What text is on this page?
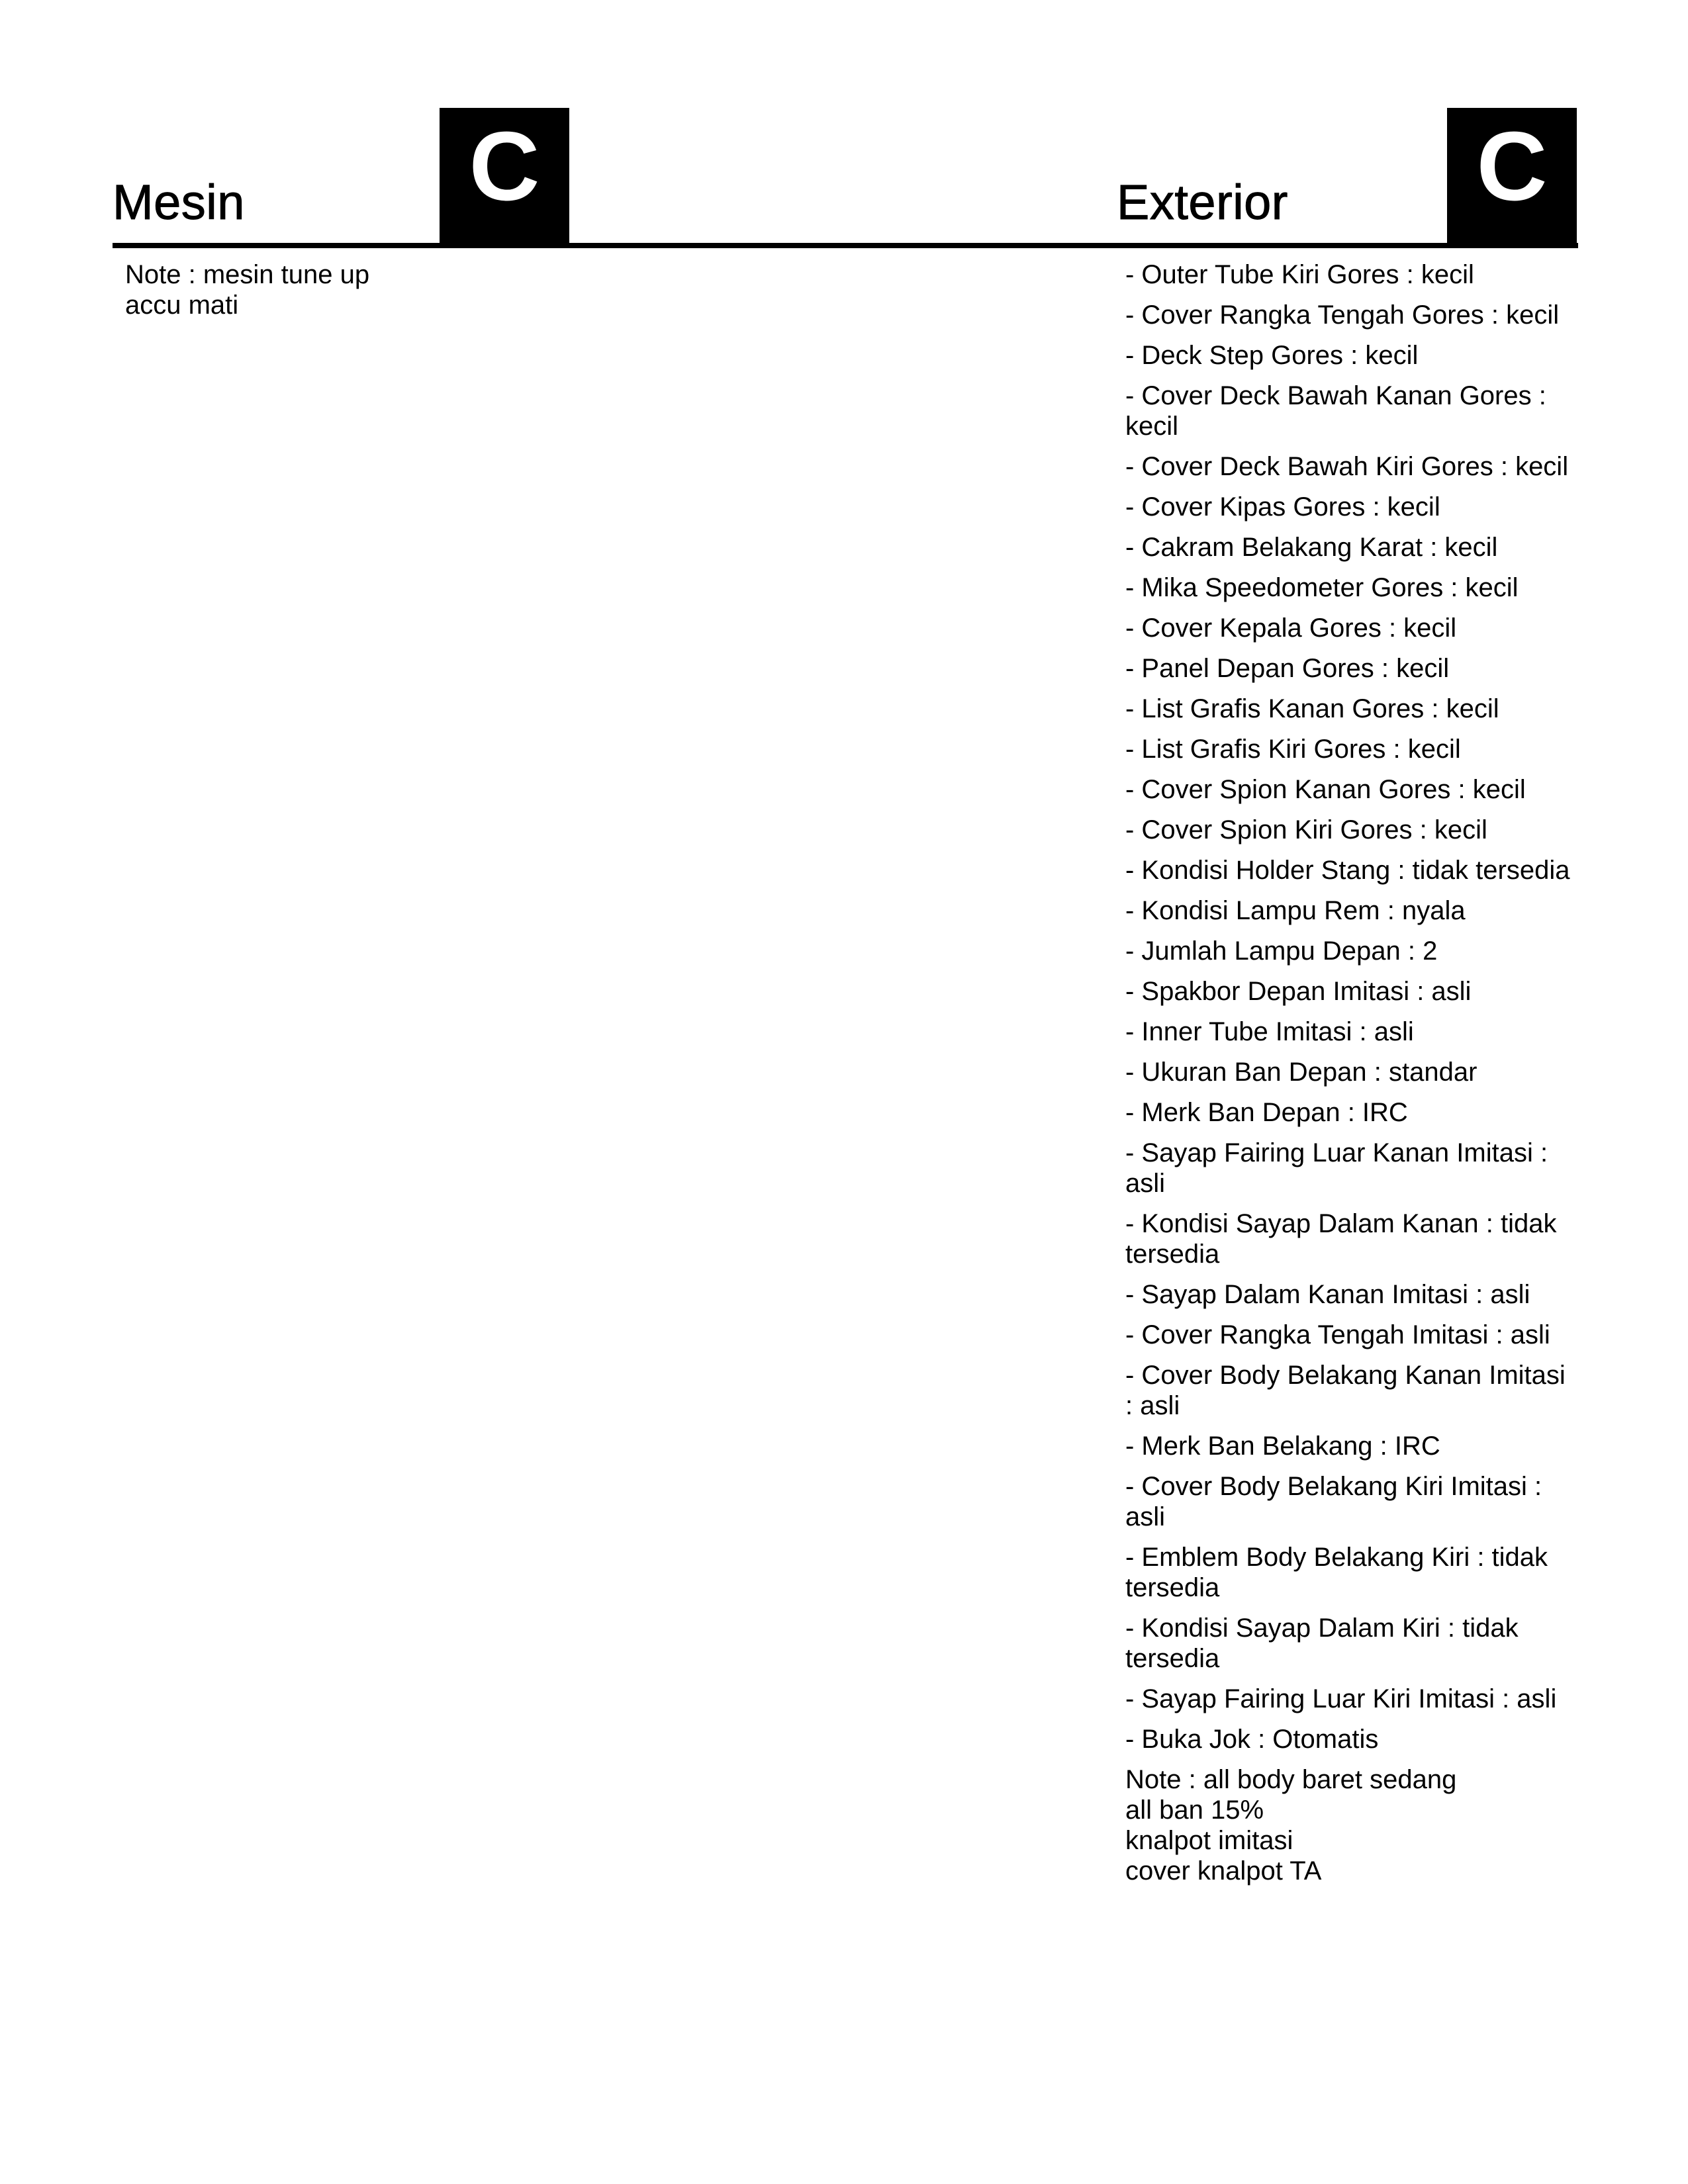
Mesin	C	Exterior	C
Note : mesin tune up
accu mati
- Outer Tube Kiri Gores : kecil
- Cover Rangka Tengah Gores : kecil
- Deck Step Gores : kecil
- Cover Deck Bawah Kanan Gores : kecil
- Cover Deck Bawah Kiri Gores : kecil
- Cover Kipas Gores : kecil
- Cakram Belakang Karat : kecil
- Mika Speedometer Gores : kecil
- Cover Kepala Gores : kecil
- Panel Depan Gores : kecil
- List Grafis Kanan Gores : kecil
- List Grafis Kiri Gores : kecil
- Cover Spion Kanan Gores : kecil
- Cover Spion Kiri Gores : kecil
- Kondisi Holder Stang : tidak tersedia
- Kondisi Lampu Rem : nyala
- Jumlah Lampu Depan : 2
- Spakbor Depan Imitasi : asli
- Inner Tube Imitasi : asli
- Ukuran Ban Depan : standar
- Merk Ban Depan : IRC
- Sayap Fairing Luar Kanan Imitasi : asli
- Kondisi Sayap Dalam Kanan : tidak tersedia
- Sayap Dalam Kanan Imitasi : asli
- Cover Rangka Tengah Imitasi : asli
- Cover Body Belakang Kanan Imitasi : asli
- Merk Ban Belakang : IRC
- Cover Body Belakang Kiri Imitasi : asli
- Emblem Body Belakang Kiri : tidak tersedia
- Kondisi Sayap Dalam Kiri : tidak tersedia
- Sayap Fairing Luar Kiri Imitasi : asli
- Buka Jok : Otomatis
Note : all body baret sedang
all ban 15%
knalpot imitasi
cover knalpot TA
